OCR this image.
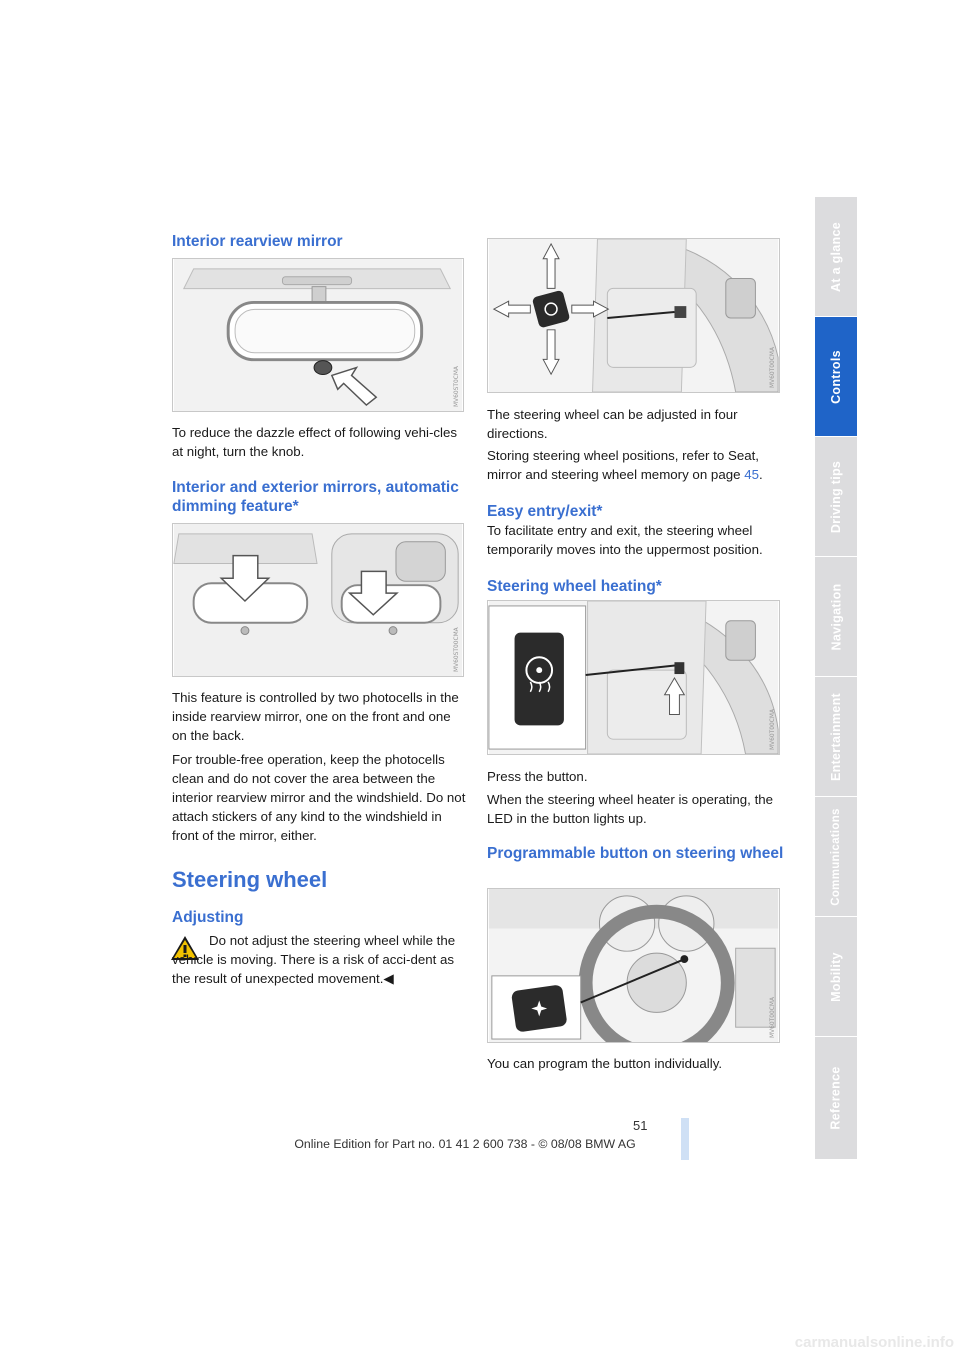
Interior rearview mirror
MV60ST0CMA
To reduce the dazzle effect of following vehi-cles at night, turn the knob.
Interior and exterior mirrors, automatic dimming feature*
MV60ST00CMA
This feature is controlled by two photocells in the inside rearview mirror, one on the front and one on the back.
For trouble-free operation, keep the photocells clean and do not cover the area between the interior rearview mirror and the windshield. Do not attach stickers of any kind to the windshield in front of the mirror, either.
Steering wheel
Adjusting
Do not adjust the steering wheel while the vehicle is moving. There is a risk of acci-dent as the result of unexpected movement.◀
MV60T00CMA
The steering wheel can be adjusted in four directions.
Storing steering wheel positions, refer to Seat, mirror and steering wheel memory on page 45.
Easy entry/exit*
To facilitate entry and exit, the steering wheel temporarily moves into the uppermost position.
Steering wheel heating*
MV60T00CMA
Press the button.
When the steering wheel heater is operating, the LED in the button lights up.
Programmable button on steering wheel
MV60T00CMA
You can program the button individually.
At a glance
Controls
Driving tips
Navigation
Entertainment
Communications
Mobility
Reference
51
Online Edition for Part no. 01 41 2 600 738 - © 08/08 BMW AG
carmanualsonline.info
